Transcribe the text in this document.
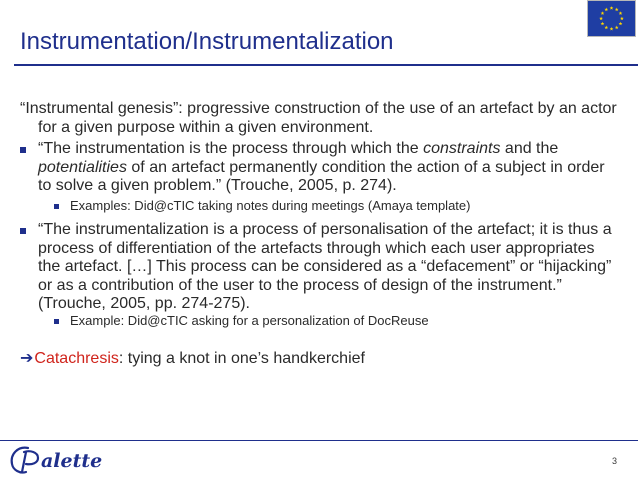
Instrumentation/Instrumentalization
“Instrumental genesis”: progressive construction of the use of an artefact by an actor for a given purpose within a given environment.
“The instrumentation is the process through which the constraints and the potentialities of an artefact permanently condition the action of a subject in order to solve a given problem.” (Trouche, 2005, p. 274).
Examples: Did@cTIC taking notes during meetings (Amaya template)
“The instrumentalization is a process of personalisation of the artefact; it is thus a process of differentiation of the artefacts through which each user appropriates the artefact. […] This process can be considered as a “defacement” or “hijacking” or as a contribution of the user to the process of design of the instrument.” (Trouche, 2005, pp. 274-275).
Example: Did@cTIC asking for a personalization of DocReuse
➔Catachresis: tying a knot in one’s handkerchief
alette	3
